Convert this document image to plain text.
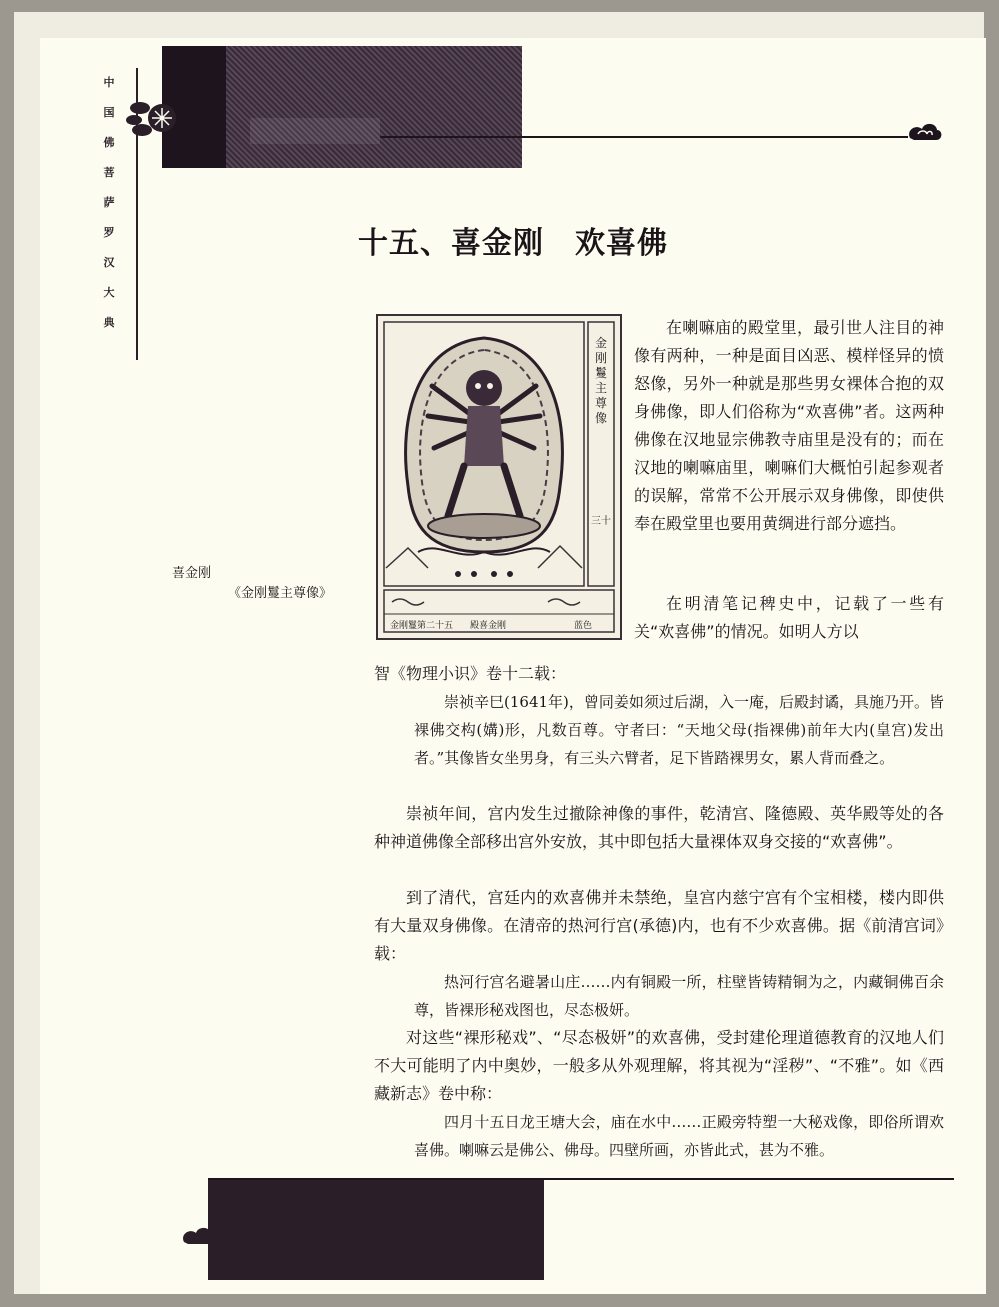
中
国
佛
菩
萨
罗
汉
大
典
十五、喜金刚　欢喜佛
金刚鬘主尊像
三十
金刚鬘第二十五 殿喜金刚	蓝色
喜金刚
《金刚鬘主尊像》

在喇嘛庙的殿堂里，最引世人注目的神像有两种，一种是面目凶恶、模样怪异的愤怒像，另外一种就是那些男女裸体合抱的双身佛像，即人们俗称为“欢喜佛”者。这两种佛像在汉地显宗佛教寺庙里是没有的；而在汉地的喇嘛庙里，喇嘛们大概怕引起参观者的误解，常常不公开展示双身佛像，即使供奉在殿堂里也要用黄绸进行部分遮挡。

在明清笔记稗史中，记载了一些有关“欢喜佛”的情况。如明人方以

智《物理小识》卷十二载：

崇祯辛巳(1641年)，曾同姜如须过后湖，入一庵，后殿封谲，具施乃开。皆裸佛交构(媾)形，凡数百尊。守者曰：“天地父母(指裸佛)前年大内(皇宫)发出者。”其像皆女坐男身，有三头六臂者，足下皆踏裸男女，累人背而叠之。

崇祯年间，宫内发生过撤除神像的事件，乾清宫、隆德殿、英华殿等处的各种神道佛像全部移出宫外安放，其中即包括大量裸体双身交接的“欢喜佛”。

到了清代，宫廷内的欢喜佛并未禁绝，皇宫内慈宁宫有个宝相楼，楼内即供有大量双身佛像。在清帝的热河行宫(承德)内，也有不少欢喜佛。据《前清宫词》载：

热河行宫名避暑山庄……内有铜殿一所，柱壁皆铸精铜为之，内藏铜佛百余尊，皆裸形秘戏图也，尽态极妍。

对这些“裸形秘戏”、“尽态极妍”的欢喜佛，受封建伦理道德教育的汉地人们不大可能明了内中奥妙，一般多从外观理解，将其视为“淫秽”、“不雅”。如《西藏新志》卷中称：

四月十五日龙王塘大会，庙在水中……正殿旁特塑一大秘戏像，即俗所谓欢喜佛。喇嘛云是佛公、佛母。四壁所画，亦皆此式，甚为不雅。
